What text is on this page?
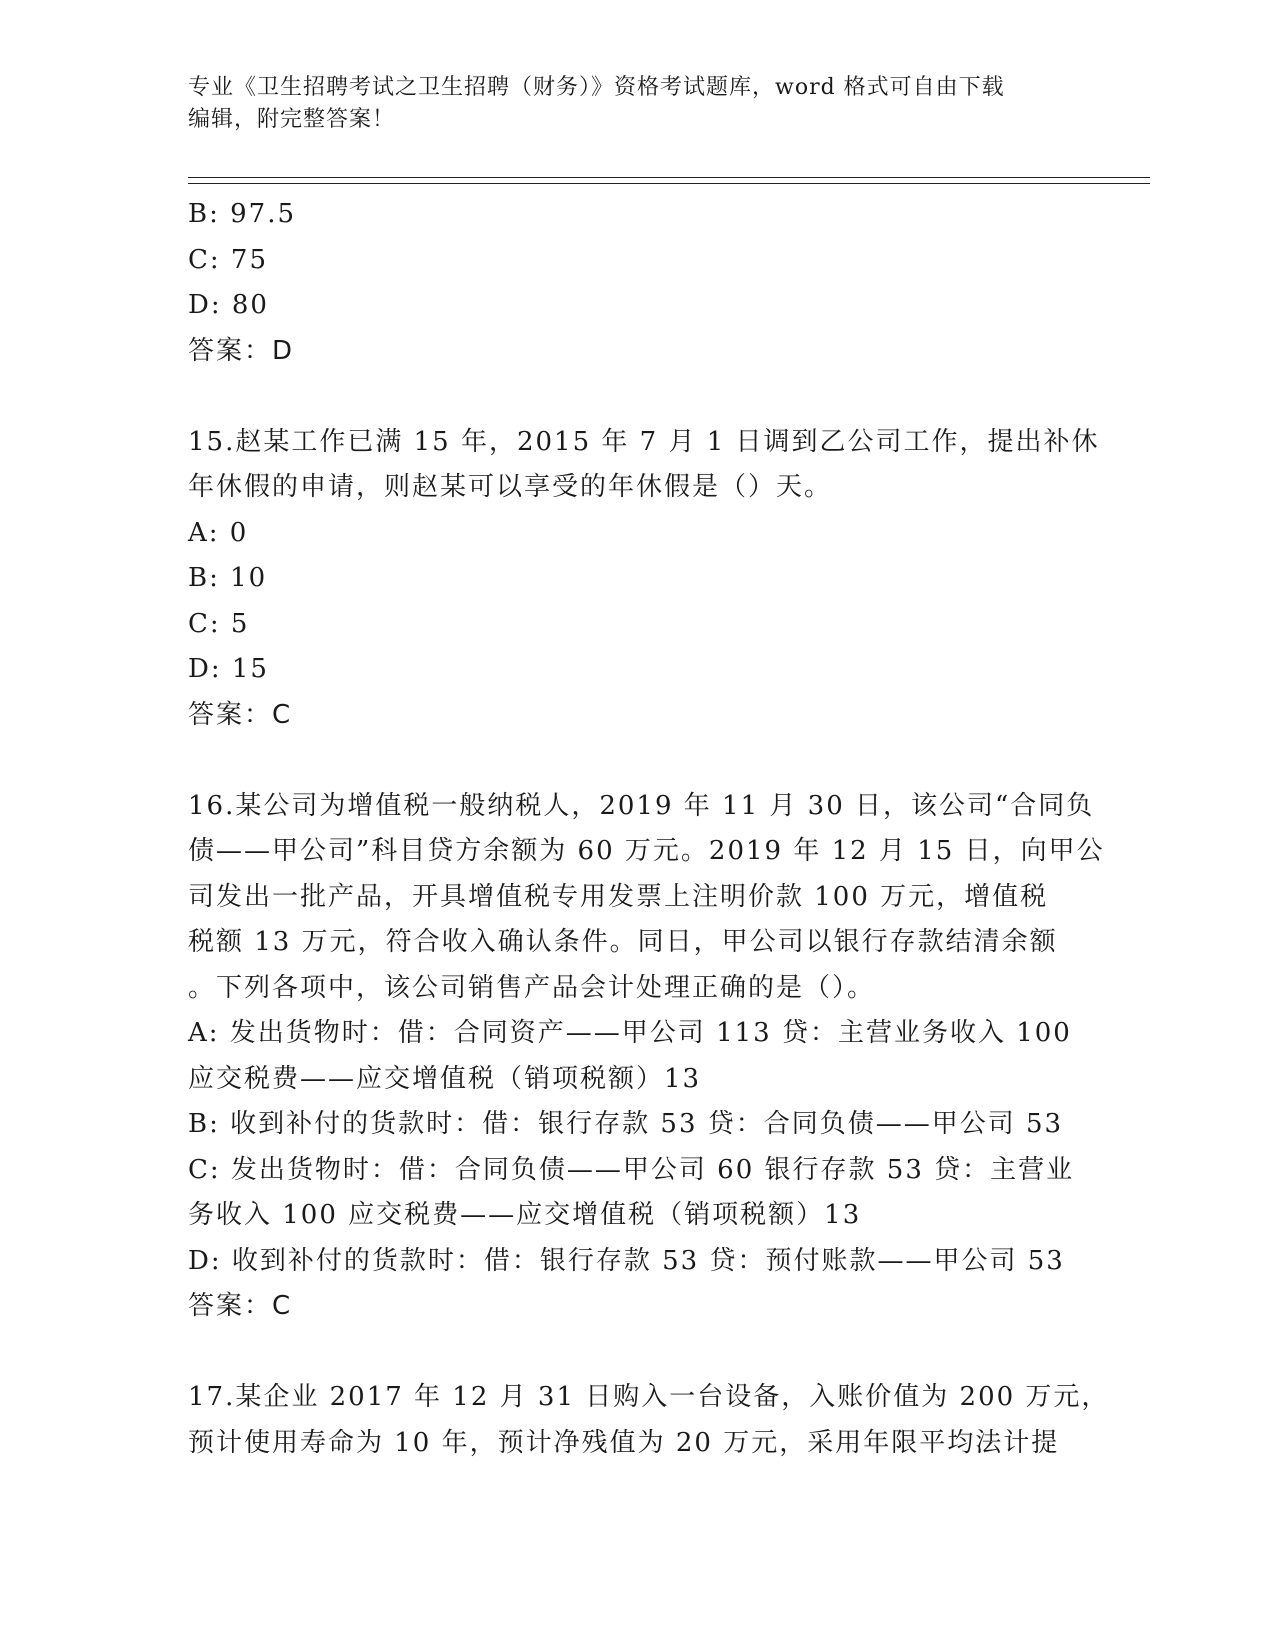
专业《卫生招聘考试之卫生招聘（财务）》资格考试题库，word 格式可自由下载
编辑，附完整答案！
B: 97.5
C: 75
D: 80
答案：D
15.赵某工作已满 15 年，2015 年 7 月 1 日调到乙公司工作，提出补休
年休假的申请，则赵某可以享受的年休假是（）天。
A: 0
B: 10
C: 5
D: 15
答案：C
16.某公司为增值税一般纳税人，2019 年 11 月 30 日，该公司“合同负
债——甲公司”科目贷方余额为 60 万元。2019 年 12 月 15 日，向甲公
司发出一批产品，开具增值税专用发票上注明价款 100 万元，增值税
税额 13 万元，符合收入确认条件。同日，甲公司以银行存款结清余额
。下列各项中，该公司销售产品会计处理正确的是（）。
A: 发出货物时：借：合同资产——甲公司 113 贷：主营业务收入 100
应交税费——应交增值税（销项税额）13
B: 收到补付的货款时：借：银行存款 53 贷：合同负债——甲公司 53
C: 发出货物时：借：合同负债——甲公司 60 银行存款 53 贷：主营业
务收入 100 应交税费——应交增值税（销项税额）13
D: 收到补付的货款时：借：银行存款 53 贷：预付账款——甲公司 53
答案：C
17.某企业 2017 年 12 月 31 日购入一台设备，入账价值为 200 万元，
预计使用寿命为 10 年，预计净残值为 20 万元，采用年限平均法计提
